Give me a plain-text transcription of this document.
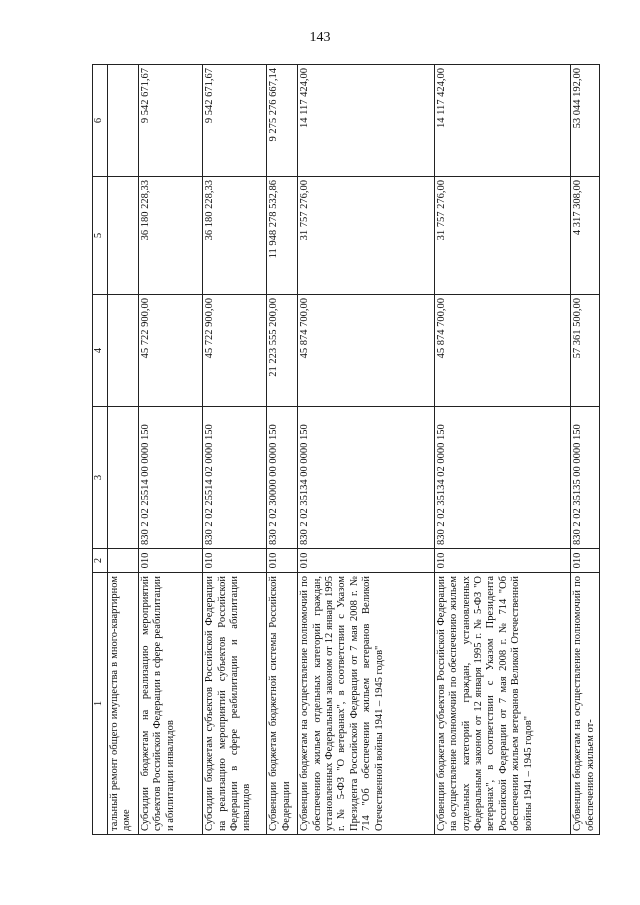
143
1	2	3	4	5	6
тальный ремонт общего имущества в много-квартирном доме					
Субсидии бюджетам на реализацию мероприятий субъектов Российской Федерации в сфере реабилитации и абилитации инвалидов	010	830 2 02 25514 00 0000 150	45 722 900,00	36 180 228,33	9 542 671,67
Субсидии бюджетам субъектов Российской Федерации на реализацию мероприятий субъектов Российской Федерации в сфере реабилитации и абилитации инвалидов	010	830 2 02 25514 02 0000 150	45 722 900,00	36 180 228,33	9 542 671,67
Субвенции бюджетам бюджетной системы Российской Федерации	010	830 2 02 30000 00 0000 150	21 223 555 200,00	11 948 278 532,86	9 275 276 667,14
Субвенции бюджетам на осуществление полномочий по обеспечению жильем отдельных категорий граждан, установленных Федеральным законом от 12 января 1995 г. № 5-ФЗ "О ветеранах", в соответствии с Указом Президента Российской Федерации от 7 мая 2008 г. № 714 "Об обеспечении жильем ветеранов Великой Отечественной войны 1941 – 1945 годов"	010	830 2 02 35134 00 0000 150	45 874 700,00	31 757 276,00	14 117 424,00
Субвенции бюджетам субъектов Российской Федерации на осуществление полномочий по обеспечению жильем отдельных категорий граждан, установленных Федеральным законом от 12 января 1995 г. № 5-ФЗ "О ветеранах", в соответствии с Указом Президента Российской Федерации от 7 мая 2008 г. № 714 "Об обеспечении жильем ветеранов Великой Отечественной войны 1941 – 1945 годов"	010	830 2 02 35134 02 0000 150	45 874 700,00	31 757 276,00	14 117 424,00
Субвенции бюджетам на осуществление полномочий по обеспечению жильем от-	010	830 2 02 35135 00 0000 150	57 361 500,00	4 317 308,00	53 044 192,00
